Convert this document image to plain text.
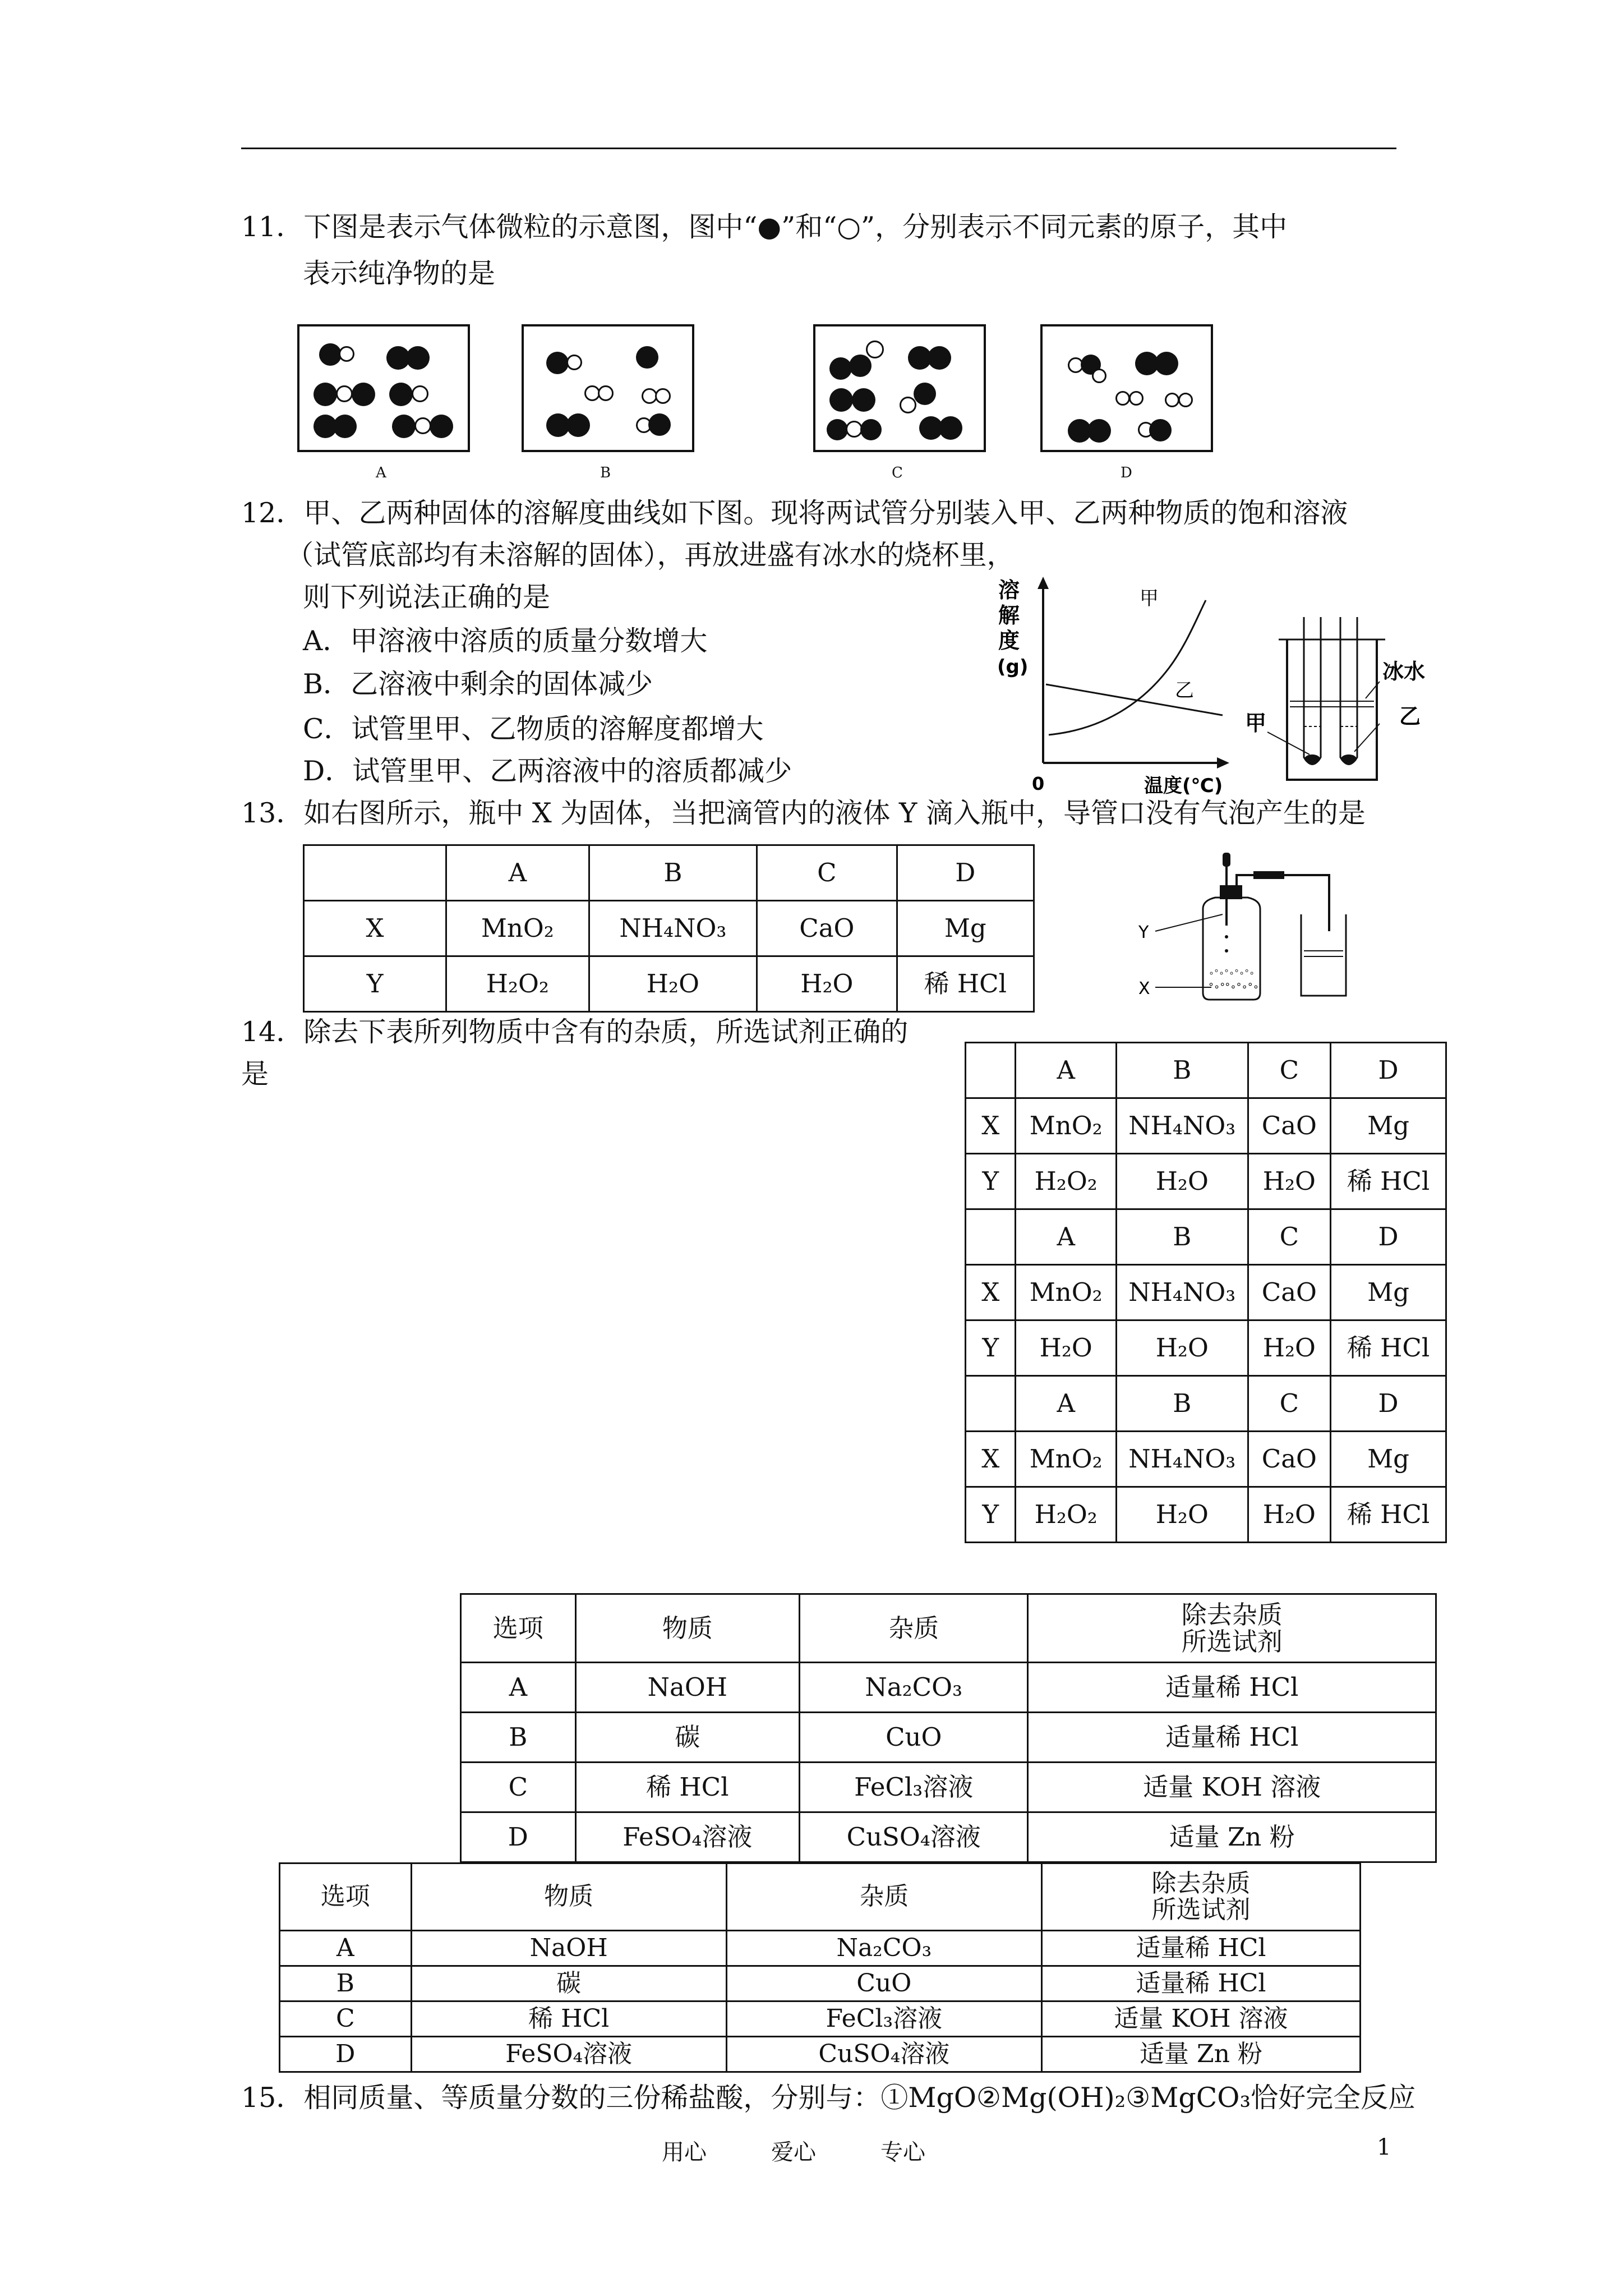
11．下图是表示气体微粒的示意图，图中“●”和“○”，分别表示不同元素的原子，其中
表示纯净物的是
A	B	C	D
12．甲、乙两种固体的溶解度曲线如下图。现将两试管分别装入甲、乙两种物质的饱和溶液
（试管底部均有未溶解的固体），再放进盛有冰水的烧杯里，
则下列说法正确的是
A．甲溶液中溶质的质量分数增大
B．乙溶液中剩余的固体减少
C．试管里甲、乙物质的溶解度都增大
D．试管里甲、乙两溶液中的溶质都减少
溶
解
度
(g)
甲
乙
0	温度(℃)
冰水
乙
甲
13．如右图所示，瓶中 X 为固体，当把滴管内的液体 Y 滴入瓶中，导管口没有气泡产生的是
	A	B	C	D
X	MnO₂	NH₄NO₃	CaO	Mg
Y	H₂O₂	H₂O	H₂O	稀 HCl	∘°∘°∘°∘°∘
°∘°°∘°∘°∘
Y
X
14．除去下表所列物质中含有的杂质，所选试剂正确的
是
		A	B	C	D
X	MnO₂	NH₄NO₃	CaO	Mg
Y	H₂O₂	H₂O	H₂O	稀 HCl
	A	B	C	D
X	MnO₂	NH₄NO₃	CaO	Mg
Y	H₂O	H₂O	H₂O	稀 HCl
	A	B	C	D
X	MnO₂	NH₄NO₃	CaO	Mg
Y	H₂O₂	H₂O	H₂O	稀 HCl
选项	物质	杂质	除去杂质
所选试剂
A	NaOH	Na₂CO₃	适量稀 HCl
B	碳	CuO	适量稀 HCl
C	稀 HCl	FeCl₃溶液	适量 KOH 溶液
D	FeSO₄溶液	CuSO₄溶液	适量 Zn 粉
选项	物质	杂质	除去杂质
所选试剂
A	NaOH	Na₂CO₃	适量稀 HCl
B	碳	CuO	适量稀 HCl
C	稀 HCl	FeCl₃溶液	适量 KOH 溶液
D	FeSO₄溶液	CuSO₄溶液	适量 Zn 粉
15．相同质量、等质量分数的三份稀盐酸，分别与：①MgO②Mg(OH)₂③MgCO₃恰好完全反应
用心	爱心	专心	1
